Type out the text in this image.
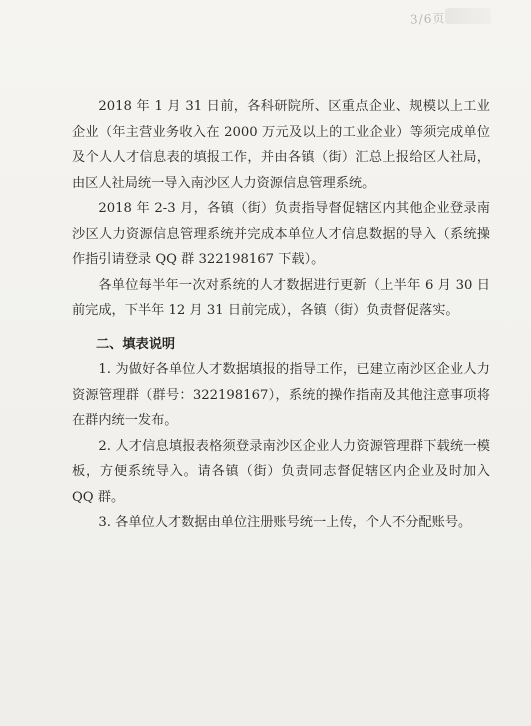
3/6页

2018 年 1 月 31 日前，各科研院所、区重点企业、规模以上工业企业（年主营业务收入在 2000 万元及以上的工业企业）等须完成单位及个人人才信息表的填报工作，并由各镇（街）汇总上报给区人社局，由区人社局统一导入南沙区人力资源信息管理系统。

2018 年 2-3 月，各镇（街）负责指导督促辖区内其他企业登录南沙区人力资源信息管理系统并完成本单位人才信息数据的导入（系统操作指引请登录 QQ 群 322198167 下载）。

各单位每半年一次对系统的人才数据进行更新（上半年 6 月 30 日前完成，下半年 12 月 31 日前完成），各镇（街）负责督促落实。

二、填表说明

1. 为做好各单位人才数据填报的指导工作，已建立南沙区企业人力资源管理群（群号：322198167），系统的操作指南及其他注意事项将在群内统一发布。

2. 人才信息填报表格须登录南沙区企业人力资源管理群下载统一模板，方便系统导入。请各镇（街）负责同志督促辖区内企业及时加入 QQ 群。

3. 各单位人才数据由单位注册账号统一上传，个人不分配账号。
